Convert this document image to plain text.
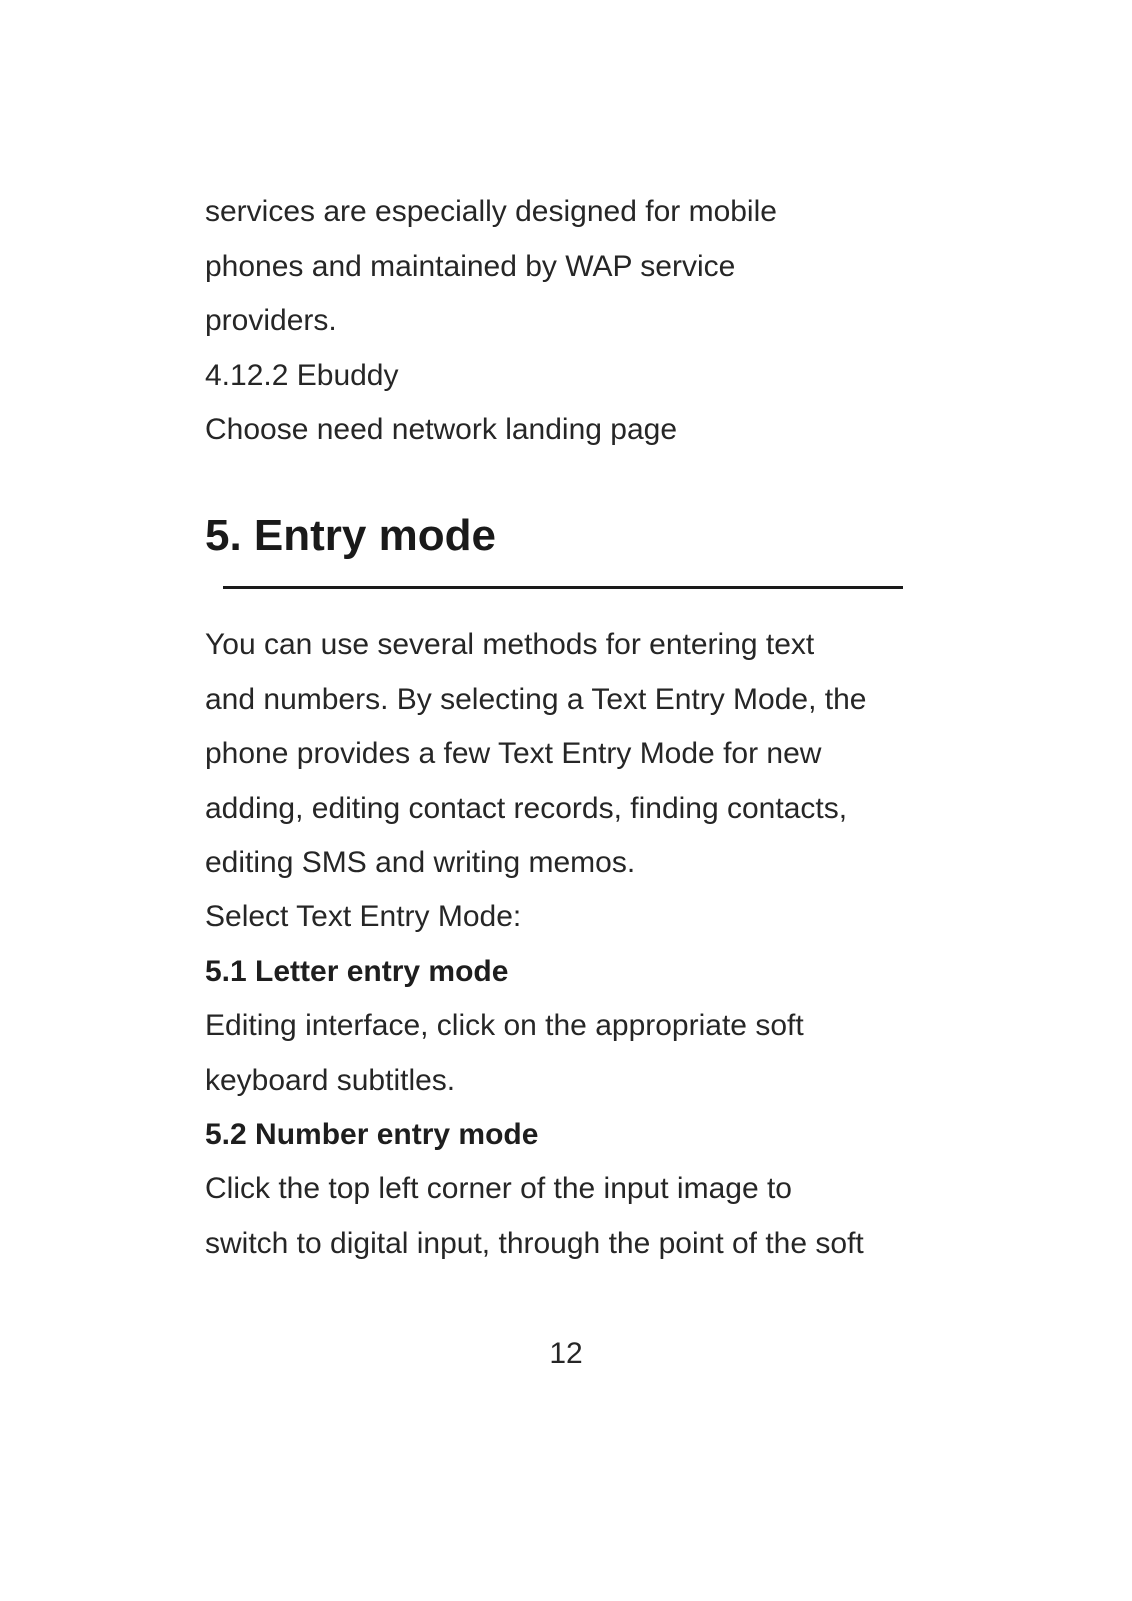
services are especially designed for mobile
phones and maintained by WAP service
providers.
4.12.2 Ebuddy
Choose need network landing page
5. Entry mode
You can use several methods for entering text
and numbers. By selecting a Text Entry Mode, the
phone provides a few Text Entry Mode for new
adding, editing contact records, finding contacts,
editing SMS and writing memos.
Select Text Entry Mode:
5.1 Letter entry mode
Editing interface, click on the appropriate soft
keyboard subtitles.
5.2 Number entry mode
Click the top left corner of the input image to
switch to digital input, through the point of the soft
12
